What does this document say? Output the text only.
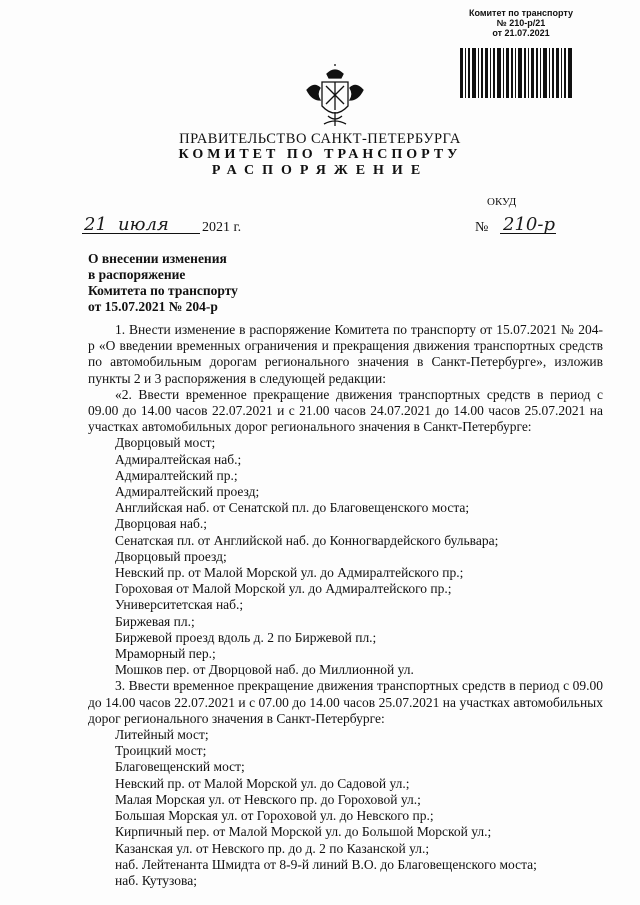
Комитет по транспорту
№ 210-р/21
от 21.07.2021
ПРАВИТЕЛЬСТВО САНКТ-ПЕТЕРБУРГА
КОМИТЕТ ПО ТРАНСПОРТУ
РАСПОРЯЖЕНИЕ
ОКУД
21 июля 2021 г.	№ 210-р
О внесении изменения
в распоряжение
Комитета по транспорту
от 15.07.2021 № 204-р

1. Внести изменение в распоряжение Комитета по транспорту от 15.07.2021 № 204-р «О введении временных ограничения и прекращения движения транспортных средств по автомобильным дорогам регионального значения в Санкт-Петербурге», изложив пункты 2 и 3 распоряжения в следующей редакции:

«2. Ввести временное прекращение движения транспортных средств в период с 09.00 до 14.00 часов 22.07.2021 и с 21.00 часов 24.07.2021 до 14.00 часов 25.07.2021 на участках автомобильных дорог регионального значения в Санкт-Петербурге:

Дворцовый мост;

Адмиралтейская наб.;

Адмиралтейский пр.;

Адмиралтейский проезд;

Английская наб. от Сенатской пл. до Благовещенского моста;

Дворцовая наб.;

Сенатская пл. от Английской наб. до Конногвардейского бульвара;

Дворцовый проезд;

Невский пр. от Малой Морской ул. до Адмиралтейского пр.;

Гороховая от Малой Морской ул. до Адмиралтейского пр.;

Университетская наб.;

Биржевая пл.;

Биржевой проезд вдоль д. 2 по Биржевой пл.;

Мраморный пер.;

Мошков пер. от Дворцовой наб. до Миллионной ул.

3. Ввести временное прекращение движения транспортных средств в период с 09.00 до 14.00 часов 22.07.2021 и с 07.00 до 14.00 часов 25.07.2021 на участках автомобильных дорог регионального значения в Санкт-Петербурге:

Литейный мост;

Троицкий мост;

Благовещенский мост;

Невский пр. от Малой Морской ул. до Садовой ул.;

Малая Морская ул. от Невского пр. до Гороховой ул.;

Большая Морская ул. от Гороховой ул. до Невского пр.;

Кирпичный пер. от Малой Морской ул. до Большой Морской ул.;

Казанская ул. от Невского пр. до д. 2 по Казанской ул.;

наб. Лейтенанта Шмидта от 8-9-й линий В.О. до Благовещенского моста;

наб. Кутузова;
